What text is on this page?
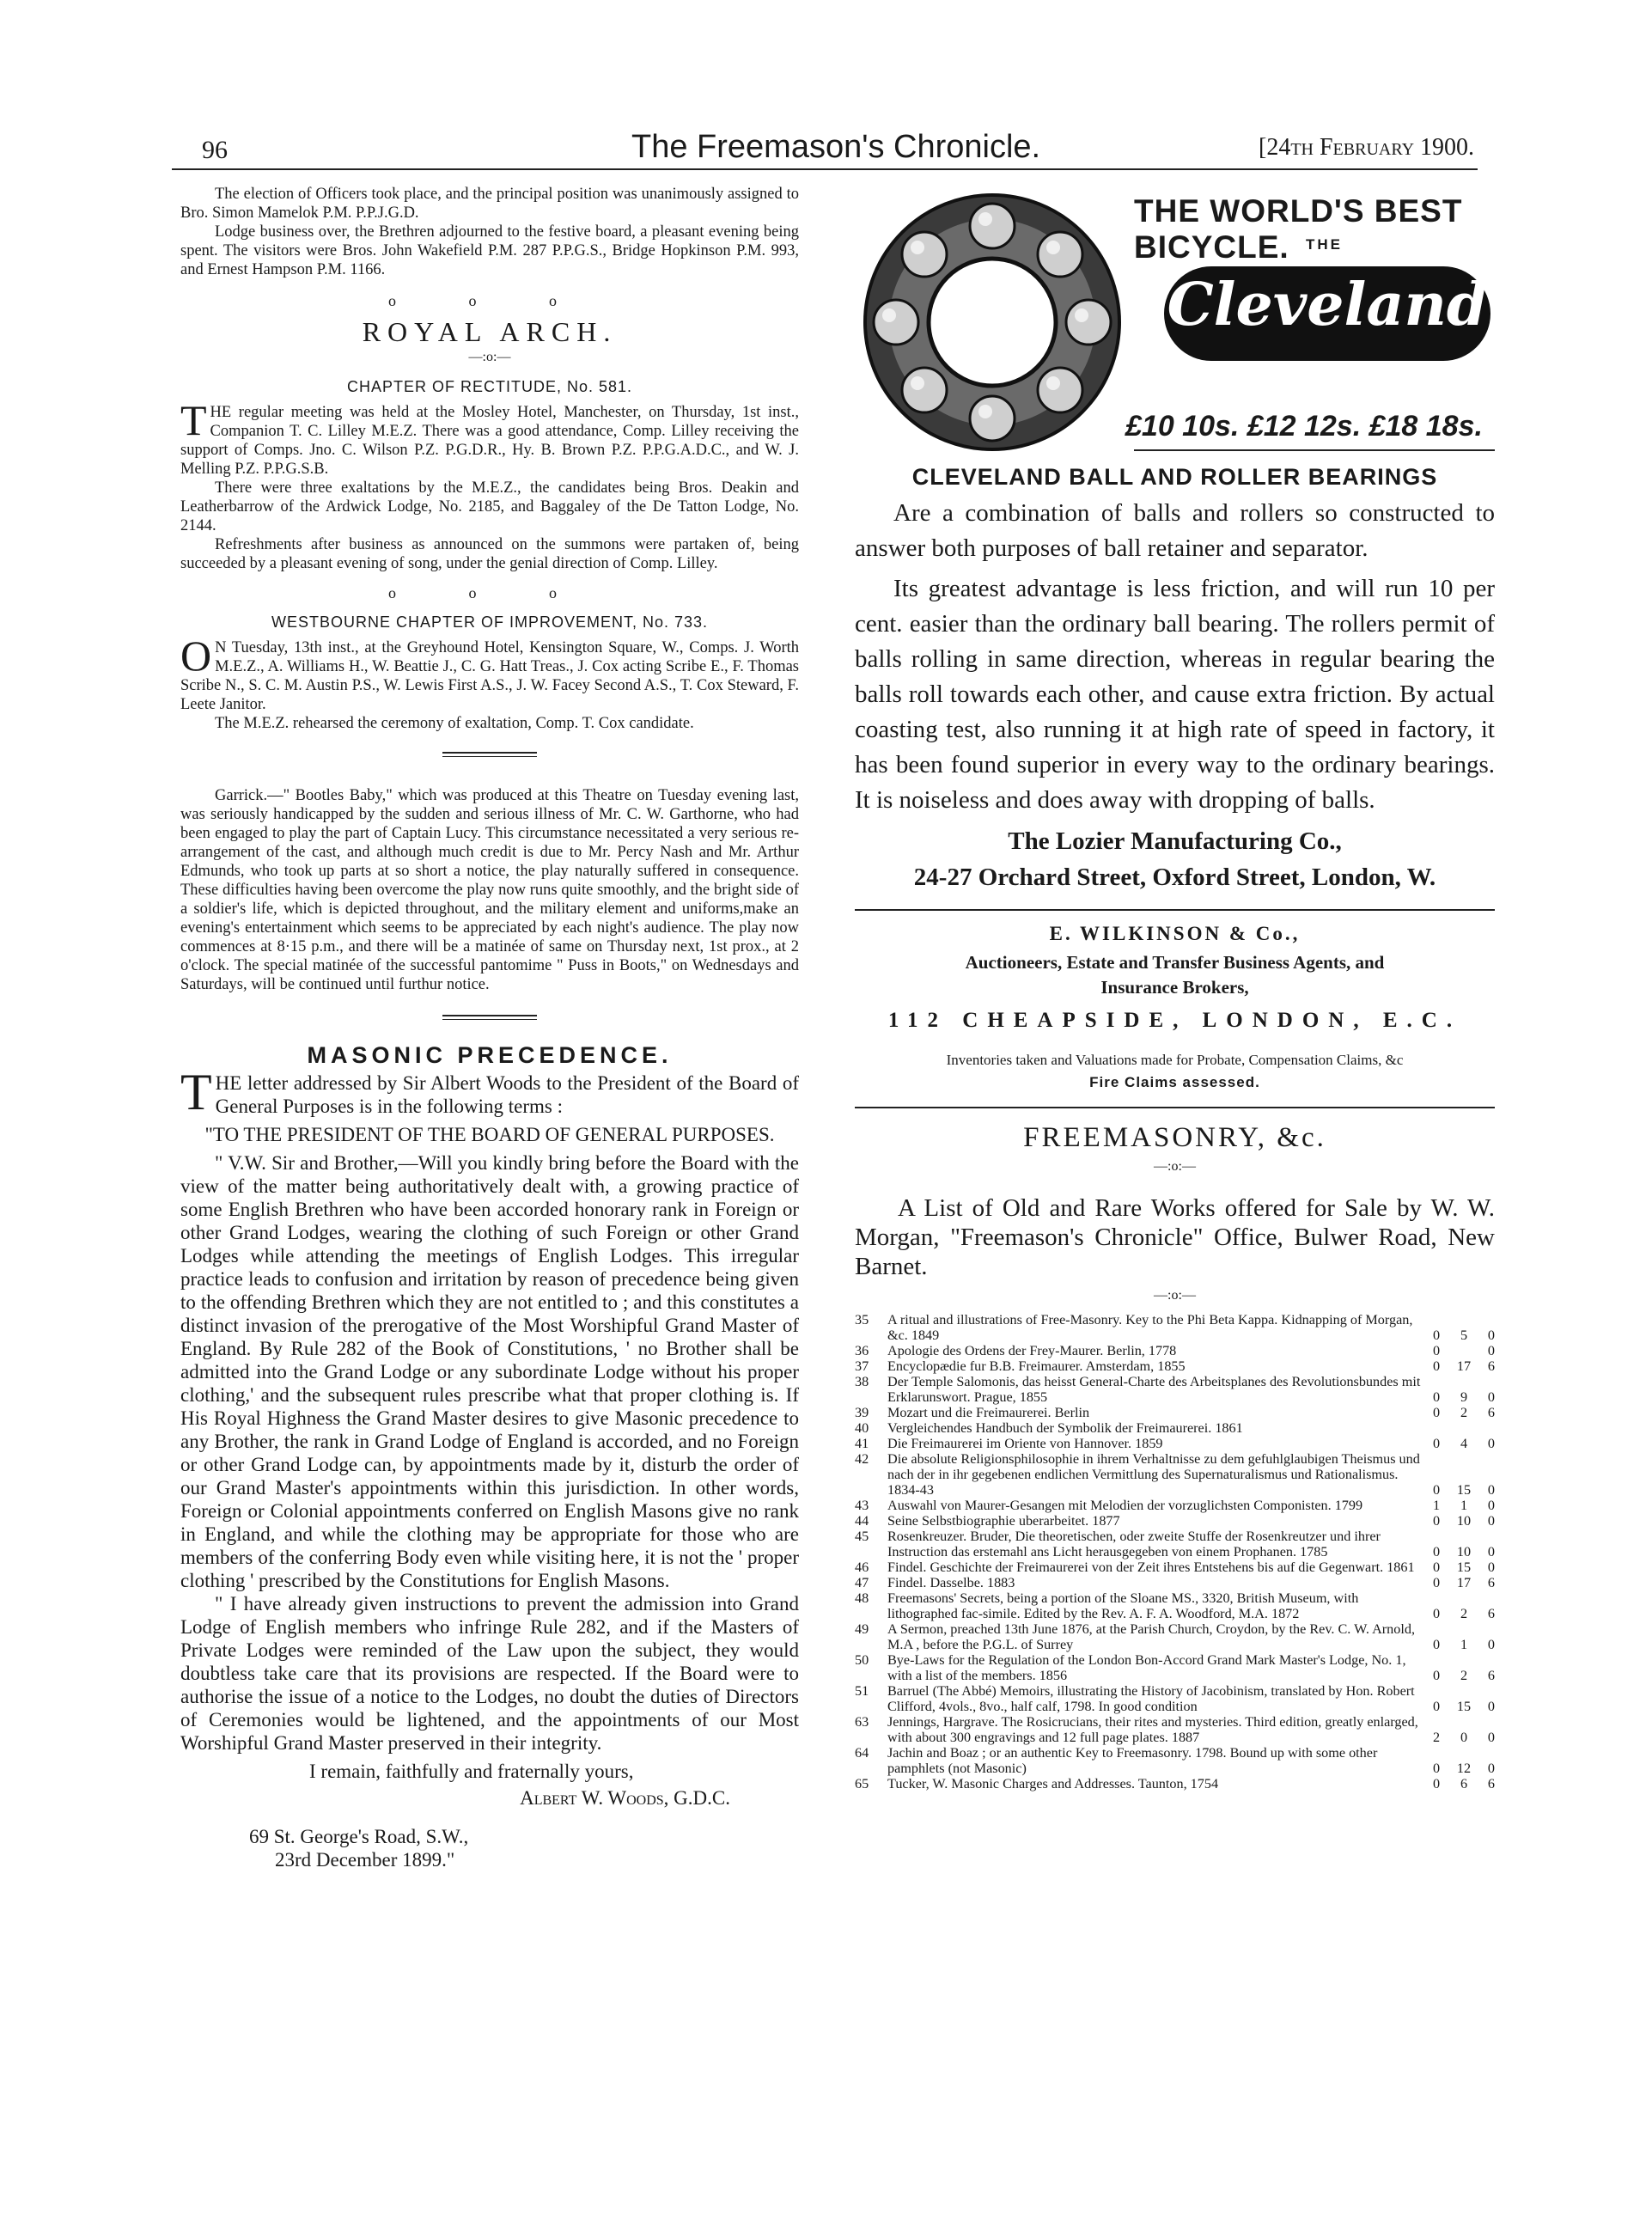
96	The Freemason's Chronicle.	[24th February 1900.

The election of Officers took place, and the principal position was unanimously assigned to Bro. Simon Mamelok P.M. P.P.J.G.D.

Lodge business over, the Brethren adjourned to the festive board, a pleasant evening being spent. The visitors were Bros. John Wakefield P.M. 287 P.P.G.S., Bridge Hopkinson P.M. 993, and Ernest Hampson P.M. 1166.

o o o
ROYAL ARCH.
—:o:—
CHAPTER OF RECTITUDE, No. 581.

THE regular meeting was held at the Mosley Hotel, Manchester, on Thursday, 1st inst., Companion T. C. Lilley M.E.Z. There was a good attendance, Comp. Lilley receiving the support of Comps. Jno. C. Wilson P.Z. P.G.D.R., Hy. B. Brown P.Z. P.P.G.A.D.C., and W. J. Melling P.Z. P.P.G.S.B.

There were three exaltations by the M.E.Z., the candidates being Bros. Deakin and Leatherbarrow of the Ardwick Lodge, No. 2185, and Baggaley of the De Tatton Lodge, No. 2144.

Refreshments after business as announced on the summons were partaken of, being succeeded by a pleasant evening of song, under the genial direction of Comp. Lilley.

o o o
WESTBOURNE CHAPTER OF IMPROVEMENT, No. 733.

O N Tuesday, 13th inst., at the Greyhound Hotel, Kensington Square, W., Comps. J. Worth M.E.Z., A. Williams H., W. Beattie J., C. G. Hatt Treas., J. Cox acting Scribe E., F. Thomas Scribe N., S. C. M. Austin P.S., W. Lewis First A.S., J. W. Facey Second A.S., T. Cox Steward, F. Leete Janitor.

The M.E.Z. rehearsed the ceremony of exaltation, Comp. T. Cox candidate.

Garrick.—" Bootles Baby," which was produced at this Theatre on Tuesday evening last, was seriously handicapped by the sudden and serious illness of Mr. C. W. Garthorne, who had been engaged to play the part of Captain Lucy. This circumstance necessitated a very serious re-arrangement of the cast, and although much credit is due to Mr. Percy Nash and Mr. Arthur Edmunds, who took up parts at so short a notice, the play naturally suffered in consequence. These difficulties having been overcome the play now runs quite smoothly, and the bright side of a soldier's life, which is depicted throughout, and the military element and uniforms,make an evening's entertainment which seems to be appreciated by each night's audience. The play now commences at 8·15 p.m., and there will be a matinée of same on Thursday next, 1st prox., at 2 o'clock. The special matinée of the successful pantomime " Puss in Boots," on Wednesdays and Saturdays, will be continued until furthur notice.

MASONIC PRECEDENCE.

THE letter addressed by Sir Albert Woods to the President of the Board of General Purposes is in the following terms :

"TO THE PRESIDENT OF THE BOARD OF GENERAL PURPOSES.

" V.W. Sir and Brother,—Will you kindly bring before the Board with the view of the matter being authoritatively dealt with, a growing practice of some English Brethren who have been accorded honorary rank in Foreign or other Grand Lodges, wearing the clothing of such Foreign or other Grand Lodges while attending the meetings of English Lodges. This irregular practice leads to confusion and irritation by reason of precedence being given to the offending Brethren which they are not entitled to ; and this constitutes a distinct invasion of the prerogative of the Most Worshipful Grand Master of England. By Rule 282 of the Book of Constitutions, ' no Brother shall be admitted into the Grand Lodge or any subordinate Lodge without his proper clothing,' and the subsequent rules prescribe what that proper clothing is. If His Royal Highness the Grand Master desires to give Masonic precedence to any Brother, the rank in Grand Lodge of England is accorded, and no Foreign or other Grand Lodge can, by appointments made by it, disturb the order of our Grand Master's appointments within this jurisdiction. In other words, Foreign or Colonial appointments conferred on English Masons give no rank in England, and while the clothing may be appropriate for those who are members of the conferring Body even while visiting here, it is not the ' proper clothing ' prescribed by the Constitutions for English Masons.

" I have already given instructions to prevent the admission into Grand Lodge of English members who infringe Rule 282, and if the Masters of Private Lodges were reminded of the Law upon the subject, they would doubtless take care that its provisions are respected. If the Board were to authorise the issue of a notice to the Lodges, no doubt the duties of Directors of Ceremonies would be lightened, and the appointments of our Most Worshipful Grand Master preserved in their integrity.

I remain, faithfully and fraternally yours,

Albert W. Woods, G.D.C.

69 St. George's Road, S.W.,

23rd December 1899."

THE WORLD'S BEST BICYCLE.	THE
Cleveland
£10 10s. £12 12s. £18 18s.
CLEVELAND BALL AND ROLLER BEARINGS

Are a combination of balls and rollers so constructed to answer both purposes of ball retainer and separator.

Its greatest advantage is less friction, and will run 10 per cent. easier than the ordinary ball bearing. The rollers permit of balls rolling in same direction, whereas in regular bearing the balls roll towards each other, and cause extra friction. By actual coasting test, also running it at high rate of speed in factory, it has been found superior in every way to the ordinary bearings. It is noiseless and does away with dropping of balls.

The Lozier Manufacturing Co.,
24-27 Orchard Street, Oxford Street, London, W.
E. WILKINSON & Co.,
Auctioneers, Estate and Transfer Business Agents, and
Insurance Brokers,
112 CHEAPSIDE, LONDON, E.C.
Inventories taken and Valuations made for Probate, Compensation Claims, &c
Fire Claims assessed.
FREEMASONRY, &c.
—:o:—
A List of Old and Rare Works offered for Sale by W. W. Morgan, "Freemason's Chronicle" Office, Bulwer Road, New Barnet.
—:o:—
35	A ritual and illustrations of Free-Masonry. Key to the Phi Beta Kappa. Kidnapping of Morgan, &c. 1849	0 5 0
36	Apologie des Ordens der Frey-Maurer. Berlin, 1778	0	0
37	Encyclopædie fur B.B. Freimaurer. Amsterdam, 1855	0 17 6
38	Der Temple Salomonis, das heisst General-Charte des Arbeitsplanes des Revolutionsbundes mit Erklarunswort. Prague, 1855	0 9 0
39	Mozart und die Freimaurerei. Berlin	0 2 6
40	Vergleichendes Handbuch der Symbolik der Freimaurerei. 1861
41	Die Freimaurerei im Oriente von Hannover. 1859	0 4 0
42	Die absolute Religionsphilosophie in ihrem Verhaltnisse zu dem gefuhlglaubigen Theismus und nach der in ihr gegebenen endlichen Vermittlung des Supernaturalismus und Rationalismus. 1834-43	0 15 0
43	Auswahl von Maurer-Gesangen mit Melodien der vorzuglichsten Componisten. 1799	1 1 0
44	Seine Selbstbiographie uberarbeitet. 1877	0 10 0
45	Rosenkreuzer. Bruder, Die theoretischen, oder zweite Stuffe der Rosenkreutzer und ihrer Instruction das erstemahl ans Licht herausgegeben von einem Prophanen. 1785	0 10 0
46	Findel. Geschichte der Freimaurerei von der Zeit ihres Entstehens bis auf die Gegenwart. 1861	0 15 0
47	Findel. Dasselbe. 1883	0 17 6
48	Freemasons' Secrets, being a portion of the Sloane MS., 3320, British Museum, with lithographed fac-simile. Edited by the Rev. A. F. A. Woodford, M.A. 1872	0 2 6
49	A Sermon, preached 13th June 1876, at the Parish Church, Croydon, by the Rev. C. W. Arnold, M.A , before the P.G.L. of Surrey	0 1 0
50	Bye-Laws for the Regulation of the London Bon-Accord Grand Mark Master's Lodge, No. 1, with a list of the members. 1856	0 2 6
51	Barruel (The Abbé) Memoirs, illustrating the History of Jacobinism, translated by Hon. Robert Clifford, 4vols., 8vo., half calf, 1798. In good condition	0 15 0
63	Jennings, Hargrave. The Rosicrucians, their rites and mysteries. Third edition, greatly enlarged, with about 300 engravings and 12 full page plates. 1887	2 0 0
64	Jachin and Boaz ; or an authentic Key to Freemasonry. 1798. Bound up with some other pamphlets (not Masonic)	0 12 0
65	Tucker, W. Masonic Charges and Addresses. Taunton, 1754	0 6 6
